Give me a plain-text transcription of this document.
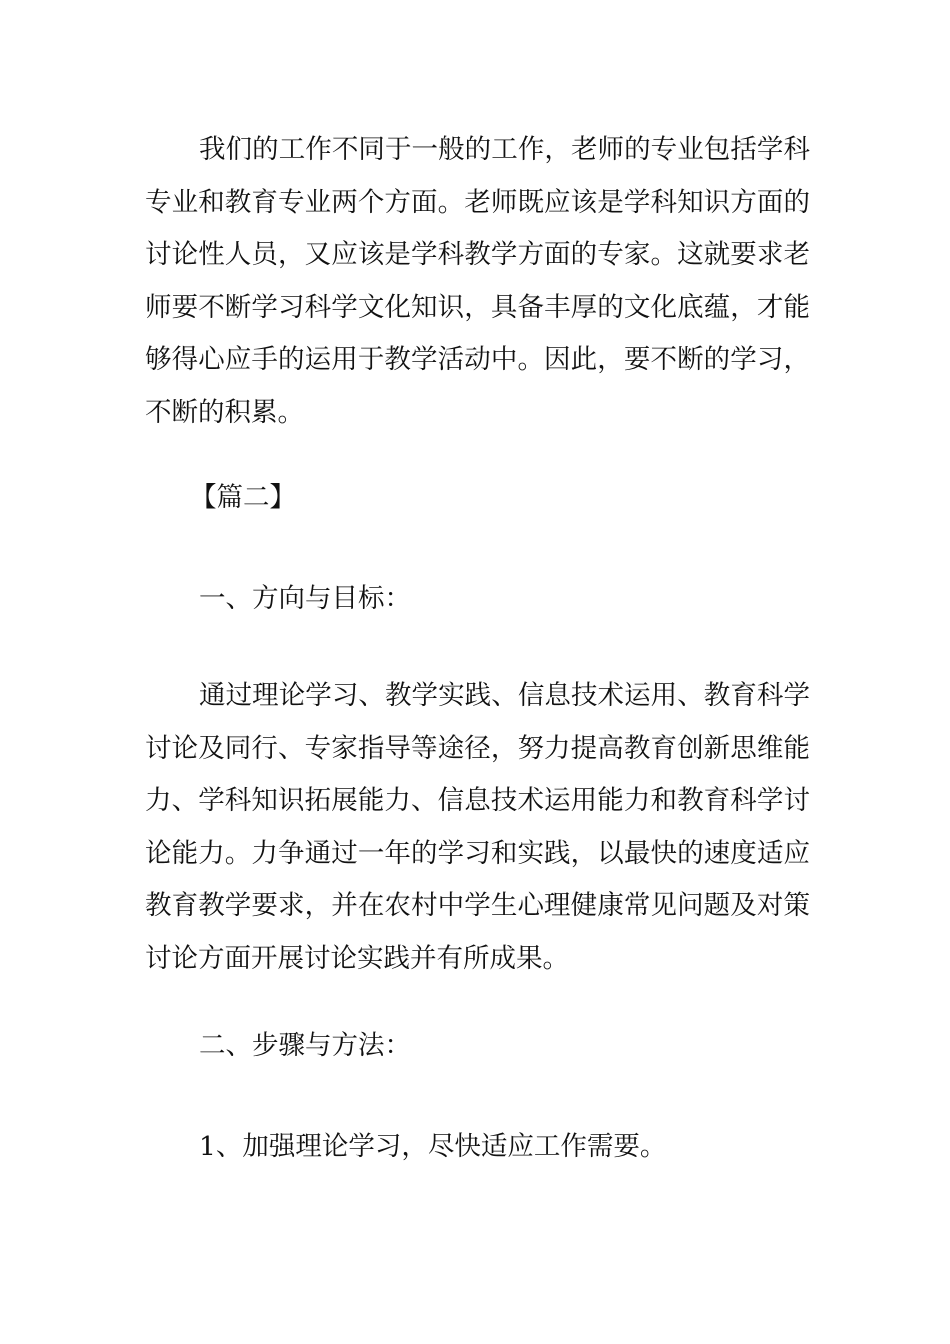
我们的工作不同于一般的工作，老师的专业包括学科专业和教育专业两个方面。老师既应该是学科知识方面的讨论性人员，又应该是学科教学方面的专家。这就要求老师要不断学习科学文化知识，具备丰厚的文化底蕴，才能够得心应手的运用于教学活动中。因此，要不断的学习，不断的积累。

【篇二】

一、方向与目标：

通过理论学习、教学实践、信息技术运用、教育科学讨论及同行、专家指导等途径，努力提高教育创新思维能力、学科知识拓展能力、信息技术运用能力和教育科学讨论能力。力争通过一年的学习和实践，以最快的速度适应教育教学要求，并在农村中学生心理健康常见问题及对策讨论方面开展讨论实践并有所成果。

二、步骤与方法：

1、加强理论学习，尽快适应工作需要。
